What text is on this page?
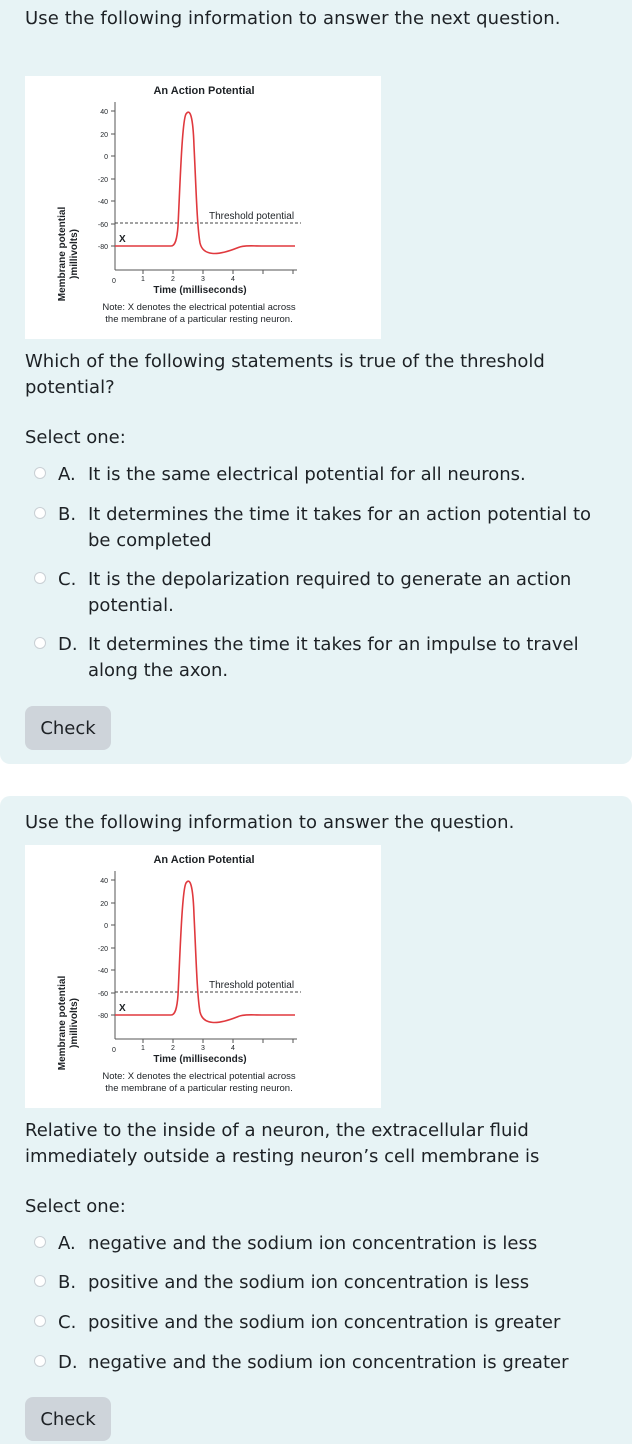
Use the following information to answer the next question.
An Action Potential
Membrane potential )millivolts)
40
20
0
-20
-40
-60
-80
0	1	2	3	4
Time (milliseconds)
Threshold potential
X
Note: X denotes the electrical potential across
the membrane of a particular resting neuron.
Which of the following statements is true of the threshold potential?
Select one:
A. It is the same electrical potential for all neurons.
B. It determines the time it takes for an action potential to be completed
C. It is the depolarization required to generate an action potential.
D. It determines the time it takes for an impulse to travel along the axon.
Check
Use the following information to answer the question.
An Action Potential
Membrane potential )millivolts)
40
20
0
-20
-40
-60
-80
0	1	2	3	4
Time (milliseconds)
Threshold potential
X
Note: X denotes the electrical potential across
the membrane of a particular resting neuron.
Relative to the inside of a neuron, the extracellular fluid immediately outside a resting neuron’s cell membrane is
Select one:
A. negative and the sodium ion concentration is less
B. positive and the sodium ion concentration is less
C. positive and the sodium ion concentration is greater
D. negative and the sodium ion concentration is greater
Check
